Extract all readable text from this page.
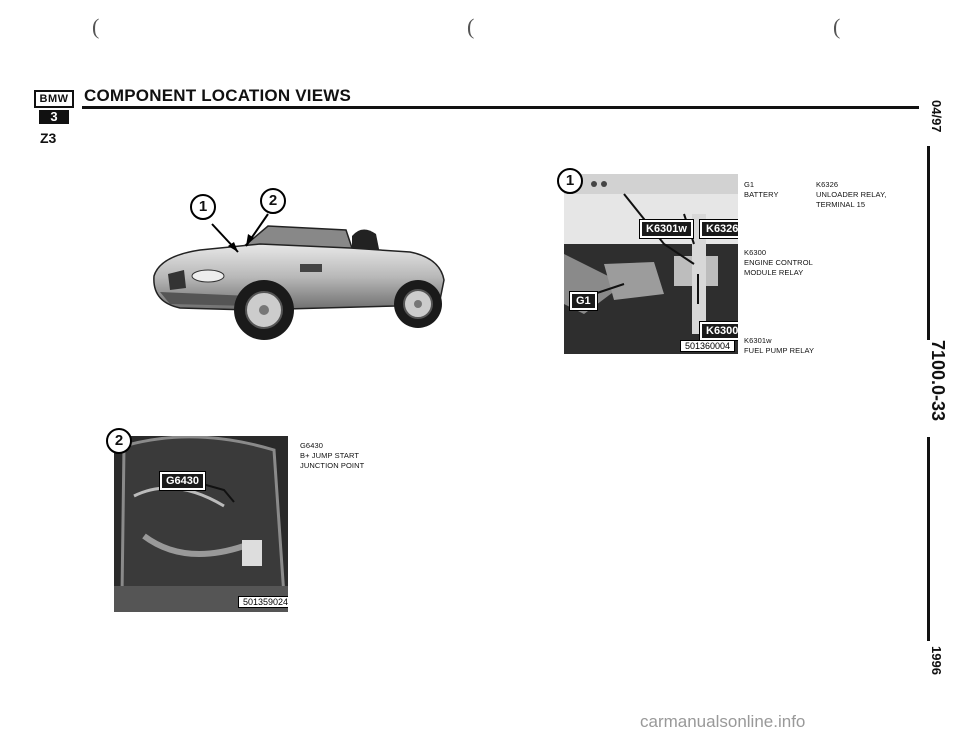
(	(	(
BMW
3
COMPONENT LOCATION VIEWS
Z3
04/97
7100.0-33
1996
1	2
K6301w	K6326
G1
K6300
501360004
1	G1
BATTERY
K6300
ENGINE CONTROL MODULE RELAY
K6301w
FUEL PUMP RELAY
K6326
UNLOADER RELAY, TERMINAL 15
G6430
501359024
2	G6430
B+ JUMP START JUNCTION POINT
carmanualsonline.info
